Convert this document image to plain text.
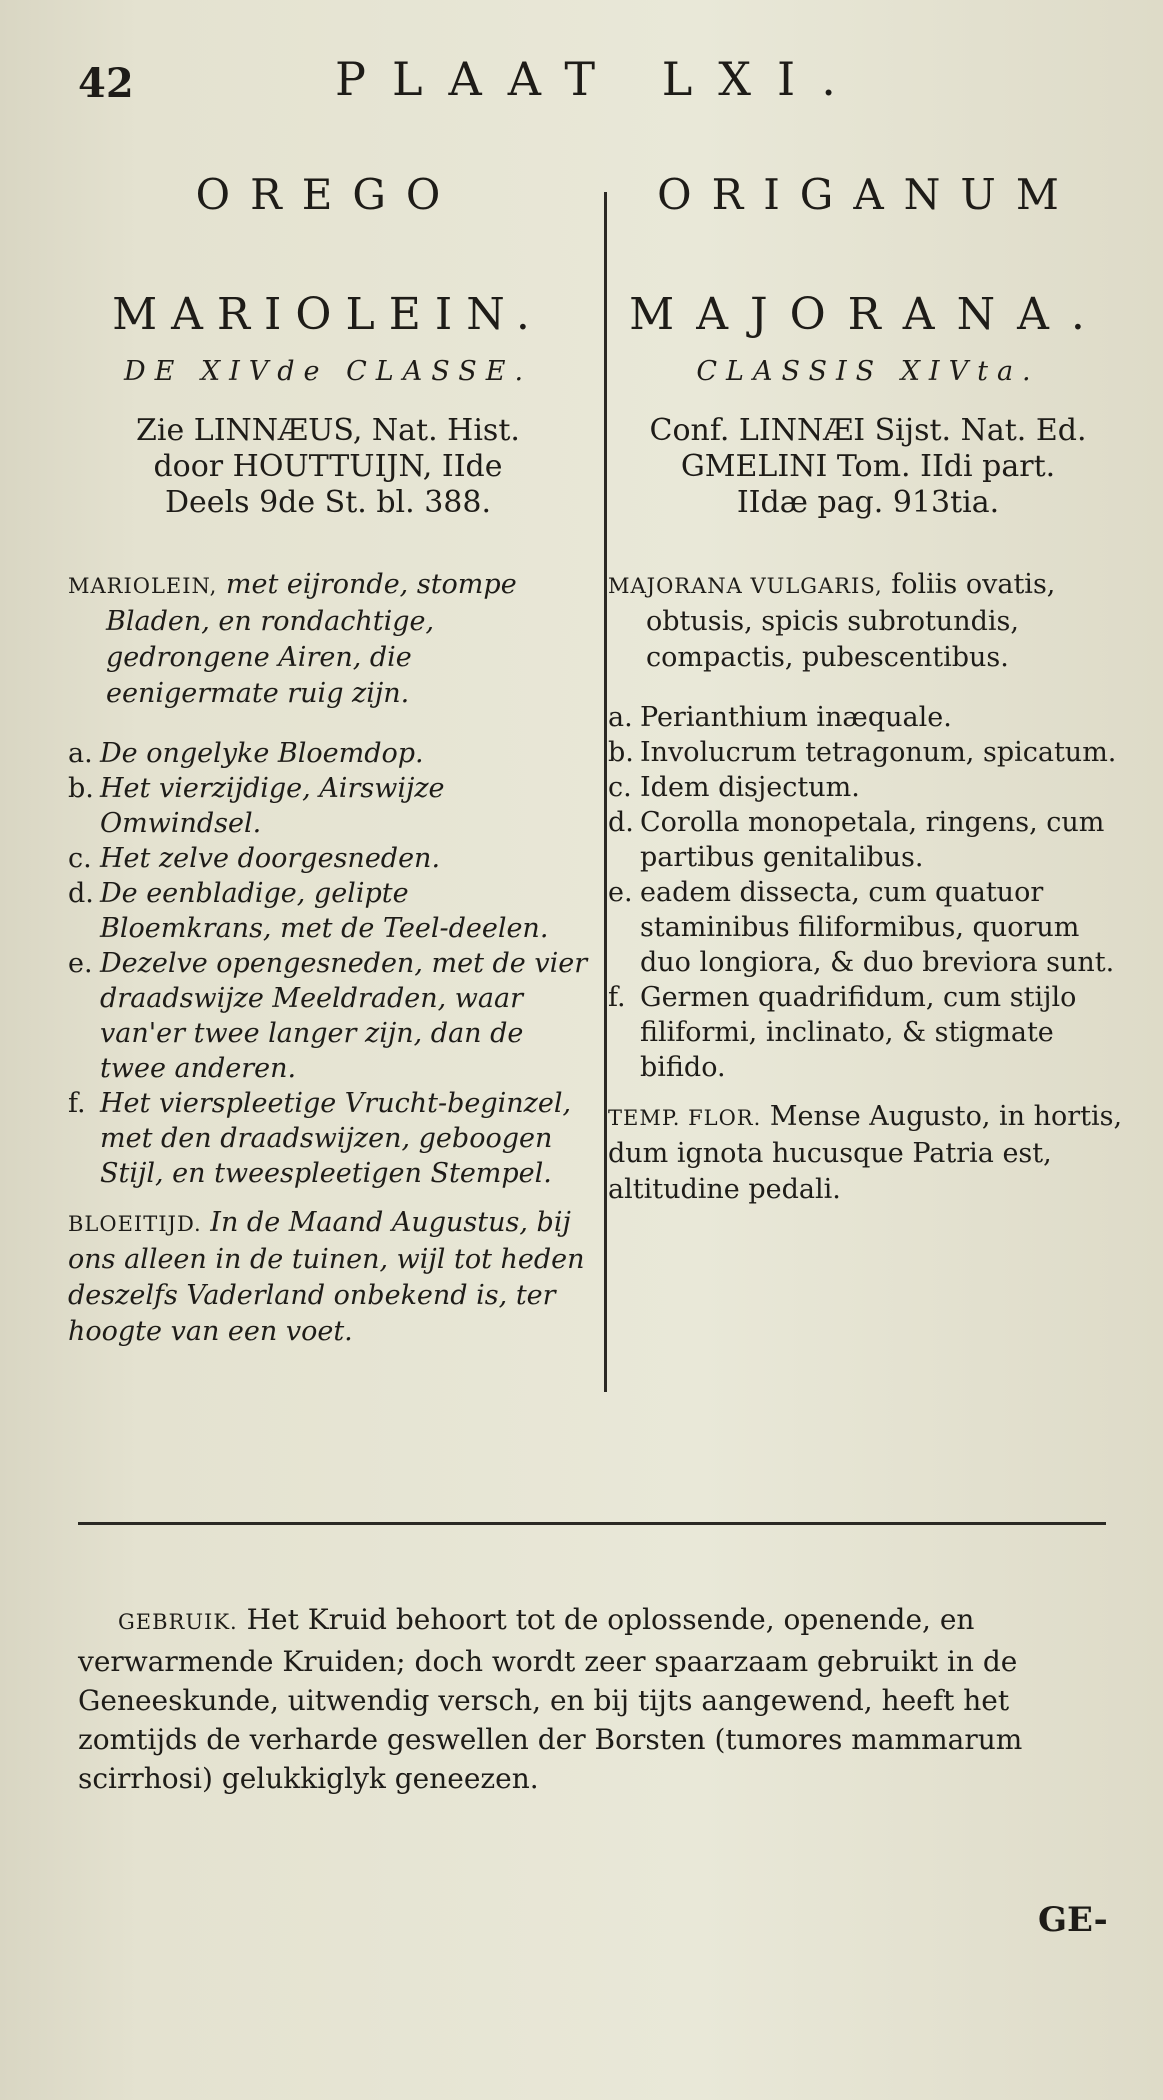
42	PLAAT LXI.
OREGO
MARIOLEIN.
DE XIVde CLASSE.
Zie LINNÆUS, Nat. Hist.
door HOUTTUIJN, IIde
Deels 9de St. bl. 388.

MARIOLEIN, met eijronde, stompe Bladen, en rondachtige, gedrongene Airen, die eenigermate ruig zijn.

a. De ongelyke Bloemdop.
b. Het vierzijdige, Airswijze Omwindsel.
c. Het zelve doorgesneden.
d. De eenbladige, gelipte Bloemkrans, met de Teel-deelen.
e. Dezelve opengesneden, met de vier draadswijze Meeldraden, waar van'er twee langer zijn, dan de twee anderen.
f. Het vierspleetige Vrucht-beginzel, met den draadswijzen, geboogen Stijl, en tweespleetigen Stempel.

BLOEITIJD. In de Maand Augustus, bij ons alleen in de tuinen, wijl tot heden deszelfs Vaderland onbekend is, ter hoogte van een voet.

ORIGANUM
MAJORANA.
CLASSIS XIVta.
Conf. LINNÆI Sijst. Nat. Ed.
GMELINI Tom. IIdi part.
IIdæ pag. 913tia.

MAJORANA VULGARIS, foliis ovatis, obtusis, spicis subrotundis, compactis, pubescentibus.

a. Perianthium inæquale.
b. Involucrum tetragonum, spicatum.
c. Idem disjectum.
d. Corolla monopetala, ringens, cum partibus genitalibus.
e. eadem dissecta, cum quatuor staminibus filiformibus, quorum duo longiora, & duo breviora sunt.
f. Germen quadrifidum, cum stijlo filiformi, inclinato, & stigmate bifido.

TEMP. FLOR. Mense Augusto, in hortis, dum ignota hucusque Patria est, altitudine pedali.

GEBRUIK. Het Kruid behoort tot de oplossende, openende, en verwarmende Kruiden; doch wordt zeer spaarzaam gebruikt in de Geneeskunde, uitwendig versch, en bij tijts aangewend, heeft het zomtijds de verharde geswellen der Borsten (tumores mammarum scirrhosi) gelukkiglyk geneezen.

GE-
